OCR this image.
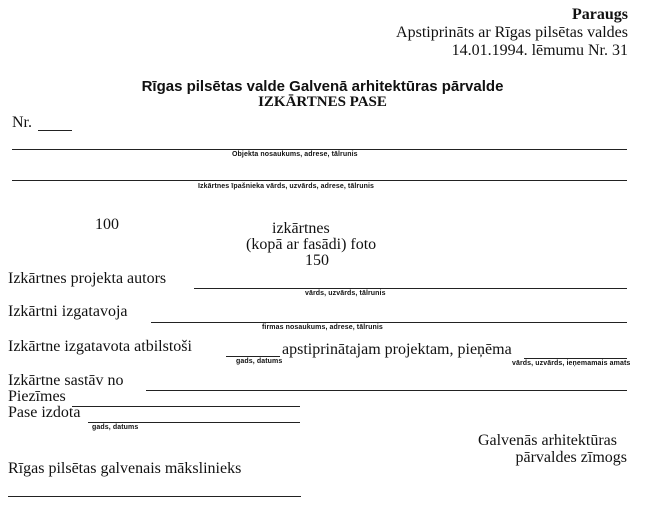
Paraugs
Apstiprināts ar Rīgas pilsētas valdes
14.01.1994. lēmumu Nr. 31
Rīgas pilsētas valde Galvenā arhitektūras pārvalde
IZKĀRTNES PASE
Nr.
Objekta nosaukums, adrese, tālrunis
Izkārtnes īpašnieka vārds, uzvārds, adrese, tālrunis
100	izkārtnes
(kopā ar fasādi) foto
150
Izkārtnes projekta autors
vārds, uzvārds, tālrunis
Izkārtni izgatavoja
firmas nosaukums, adrese, tālrunis
Izkārtne izgatavota atbilstoši
gads, datums
apstiprinātajam projektam, pieņēma
vārds, uzvārds, ieņemamais amats
Izkārtne sastāv no
Piezīmes
Pase izdota
gads, datums
Galvenās arhitektūras
pārvaldes zīmogs
Rīgas pilsētas galvenais mākslinieks
